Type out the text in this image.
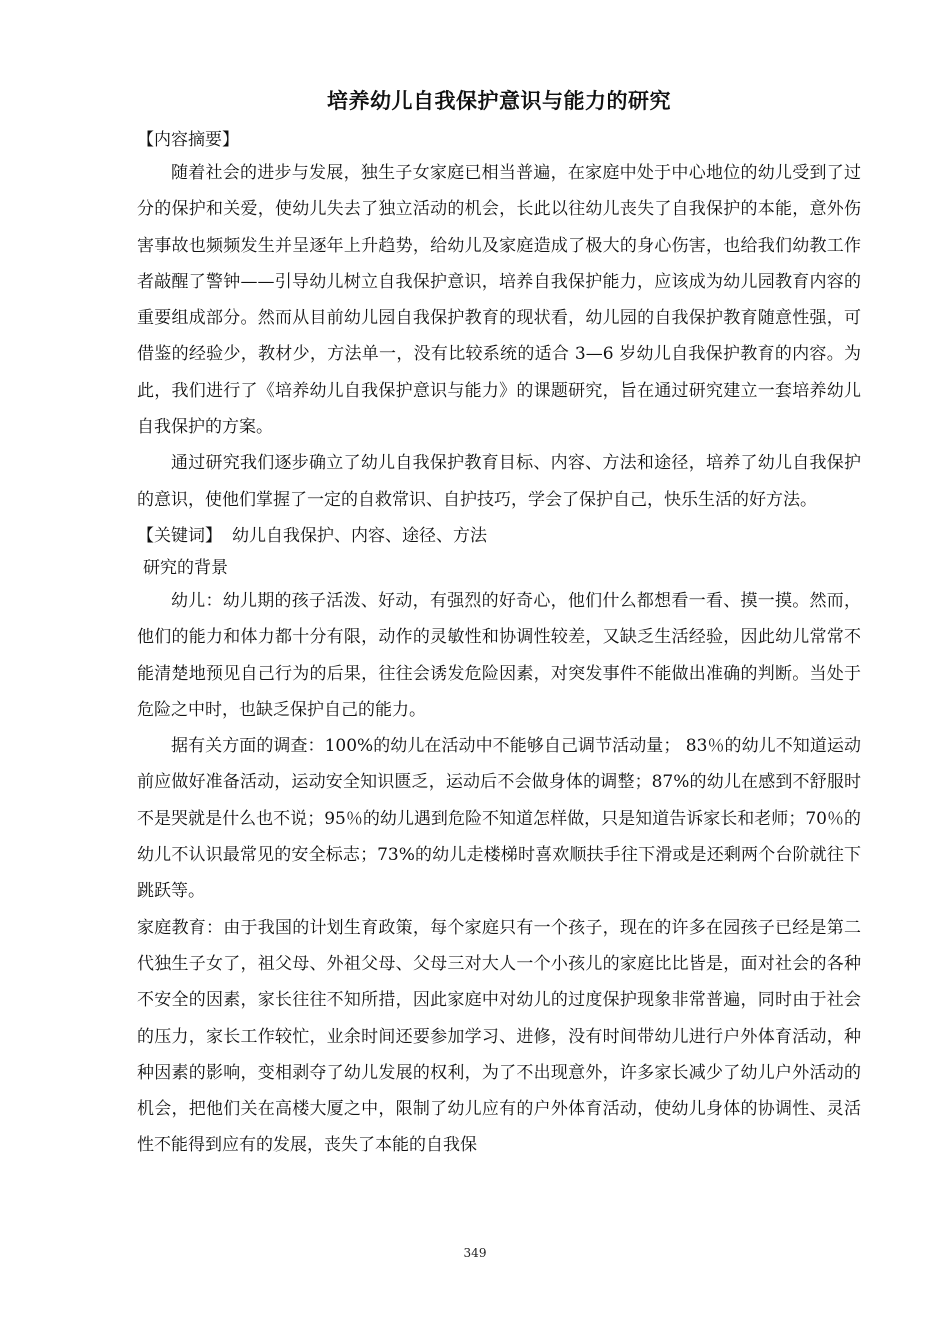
培养幼儿自我保护意识与能力的研究

【内容摘要】

随着社会的进步与发展，独生子女家庭已相当普遍，在家庭中处于中心地位的幼儿受到了过分的保护和关爱，使幼儿失去了独立活动的机会，长此以往幼儿丧失了自我保护的本能，意外伤害事故也频频发生并呈逐年上升趋势，给幼儿及家庭造成了极大的身心伤害，也给我们幼教工作者敲醒了警钟——引导幼儿树立自我保护意识，培养自我保护能力，应该成为幼儿园教育内容的重要组成部分。然而从目前幼儿园自我保护教育的现状看，幼儿园的自我保护教育随意性强，可借鉴的经验少，教材少，方法单一，没有比较系统的适合 3—6 岁幼儿自我保护教育的内容。为此，我们进行了《培养幼儿自我保护意识与能力》的课题研究，旨在通过研究建立一套培养幼儿自我保护的方案。

通过研究我们逐步确立了幼儿自我保护教育目标、内容、方法和途径，培养了幼儿自我保护的意识，使他们掌握了一定的自救常识、自护技巧，学会了保护自己，快乐生活的好方法。

【关键词】 幼儿自我保护、内容、途径、方法

研究的背景

幼儿：幼儿期的孩子活泼、好动，有强烈的好奇心，他们什么都想看一看、摸一摸。然而，他们的能力和体力都十分有限，动作的灵敏性和协调性较差，又缺乏生活经验，因此幼儿常常不能清楚地预见自己行为的后果，往往会诱发危险因素，对突发事件不能做出准确的判断。当处于危险之中时，也缺乏保护自己的能力。

据有关方面的调查：100%的幼儿在活动中不能够自己调节活动量； 83％的幼儿不知道运动前应做好准备活动，运动安全知识匮乏，运动后不会做身体的调整；87%的幼儿在感到不舒服时不是哭就是什么也不说；95％的幼儿遇到危险不知道怎样做，只是知道告诉家长和老师；70％的幼儿不认识最常见的安全标志；73%的幼儿走楼梯时喜欢顺扶手往下滑或是还剩两个台阶就往下跳跃等。

家庭教育：由于我国的计划生育政策，每个家庭只有一个孩子，现在的许多在园孩子已经是第二代独生子女了，祖父母、外祖父母、父母三对大人一个小孩儿的家庭比比皆是，面对社会的各种不安全的因素，家长往往不知所措，因此家庭中对幼儿的过度保护现象非常普遍，同时由于社会的压力，家长工作较忙，业余时间还要参加学习、进修，没有时间带幼儿进行户外体育活动，种种因素的影响，变相剥夺了幼儿发展的权利，为了不出现意外，许多家长减少了幼儿户外活动的机会，把他们关在高楼大厦之中，限制了幼儿应有的户外体育活动，使幼儿身体的协调性、灵活性不能得到应有的发展，丧失了本能的自我保

349
